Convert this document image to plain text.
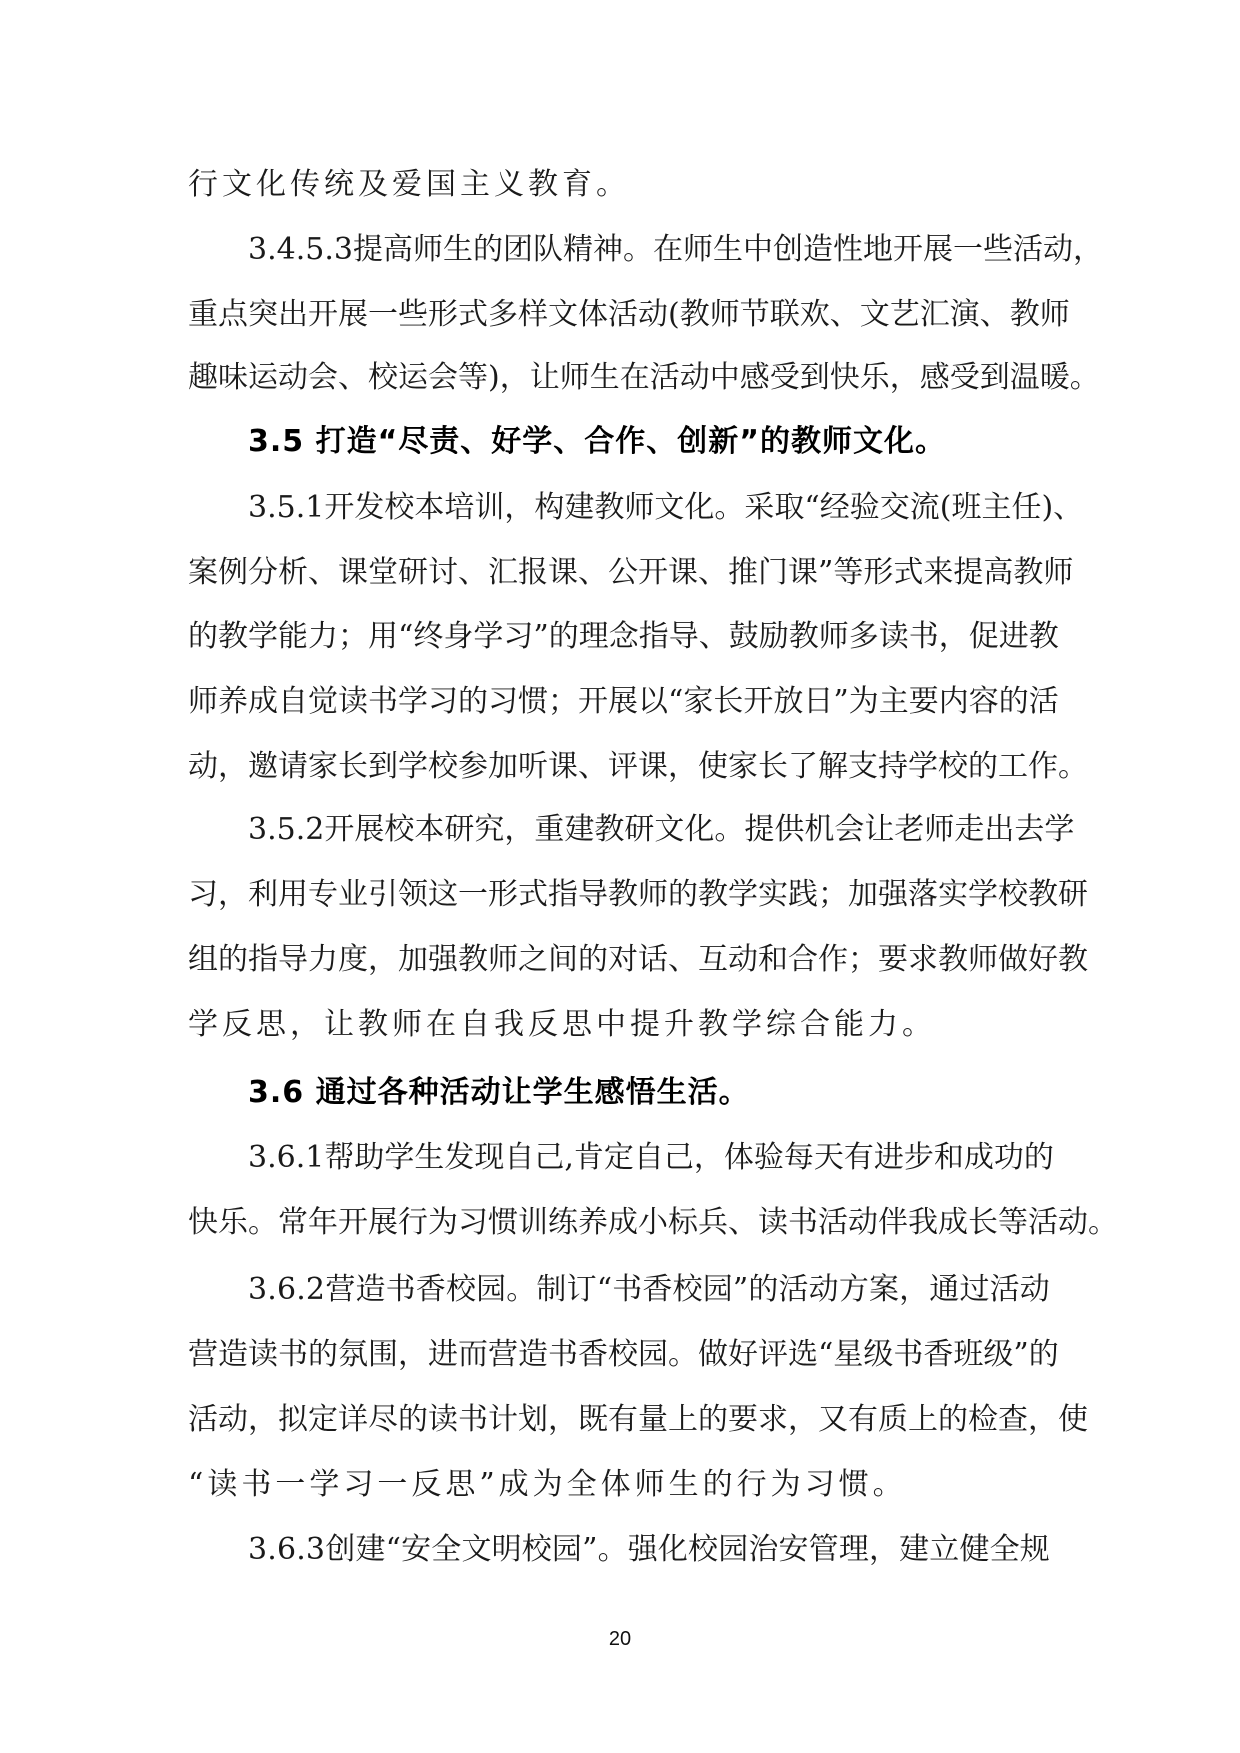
行文化传统及爱国主义教育。
3 . 4 . 5 . 3 提 高 师 生 的 团 队 精 神 。 在 师 生 中 创 造 性 地 开 展 一 些 活 动 ，
重 点 突 出 开 展 一 些 形 式 多 样 文 体 活 动 ( 教 师 节 联 欢 、 文 艺 汇 演 、 教 师
趣 味 运 动 会 、 校 运 会 等 ) ， 让 师 生 在 活 动 中 感 受 到 快 乐 ， 感 受 到 温 暖 。
3.5 打造“尽责、好学、合作、创新”的教师文化。
3 . 5 . 1 开 发 校 本 培 训 ， 构 建 教 师 文 化 。 采 取 “ 经 验 交 流 ( 班 主 任 ) 、
案 例 分 析 、 课 堂 研 讨 、 汇 报 课 、 公 开 课 、 推 门 课 ” 等 形 式 来 提 高 教 师
的 教 学 能 力 ； 用 “ 终 身 学 习 ” 的 理 念 指 导 、 鼓 励 教 师 多 读 书 ， 促 进 教
师 养 成 自 觉 读 书 学 习 的 习 惯 ； 开 展 以 “ 家 长 开 放 日 ” 为 主 要 内 容 的 活
动 ， 邀 请 家 长 到 学 校 参 加 听 课 、 评 课 ， 使 家 长 了 解 支 持 学 校 的 工 作 。
3 . 5 . 2 开 展 校 本 研 究 ， 重 建 教 研 文 化 。 提 供 机 会 让 老 师 走 出 去 学
习 ， 利 用 专 业 引 领 这 一 形 式 指 导 教 师 的 教 学 实 践 ； 加 强 落 实 学 校 教 研
组 的 指 导 力 度 ， 加 强 教 师 之 间 的 对 话 、 互 动 和 合 作 ； 要 求 教 师 做 好 教
学反思，让教师在自我反思中提升教学综合能力。
3.6 通过各种活动让学生感悟生活。
3 . 6 . 1 帮 助 学 生 发 现 自 己 , 肯 定 自 己 ， 体 验 每 天 有 进 步 和 成 功 的
快 乐 。 常 年 开 展 行 为 习 惯 训 练 养 成 小 标 兵 、 读 书 活 动 伴 我 成 长 等 活 动 。
3 . 6 . 2 营 造 书 香 校 园 。 制 订 “ 书 香 校 园 ” 的 活 动 方 案 ， 通 过 活 动
营 造 读 书 的 氛 围 ， 进 而 营 造 书 香 校 园 。 做 好 评 选 “ 星 级 书 香 班 级 ” 的
活 动 ， 拟 定 详 尽 的 读 书 计 划 ， 既 有 量 上 的 要 求 ， 又 有 质 上 的 检 查 ， 使
“读书一学习一反思”成为全体师生的行为习惯。
3 . 6 . 3 创 建 “ 安 全 文 明 校 园 ” 。 强 化 校 园 治 安 管 理 ， 建 立 健 全 规
20
